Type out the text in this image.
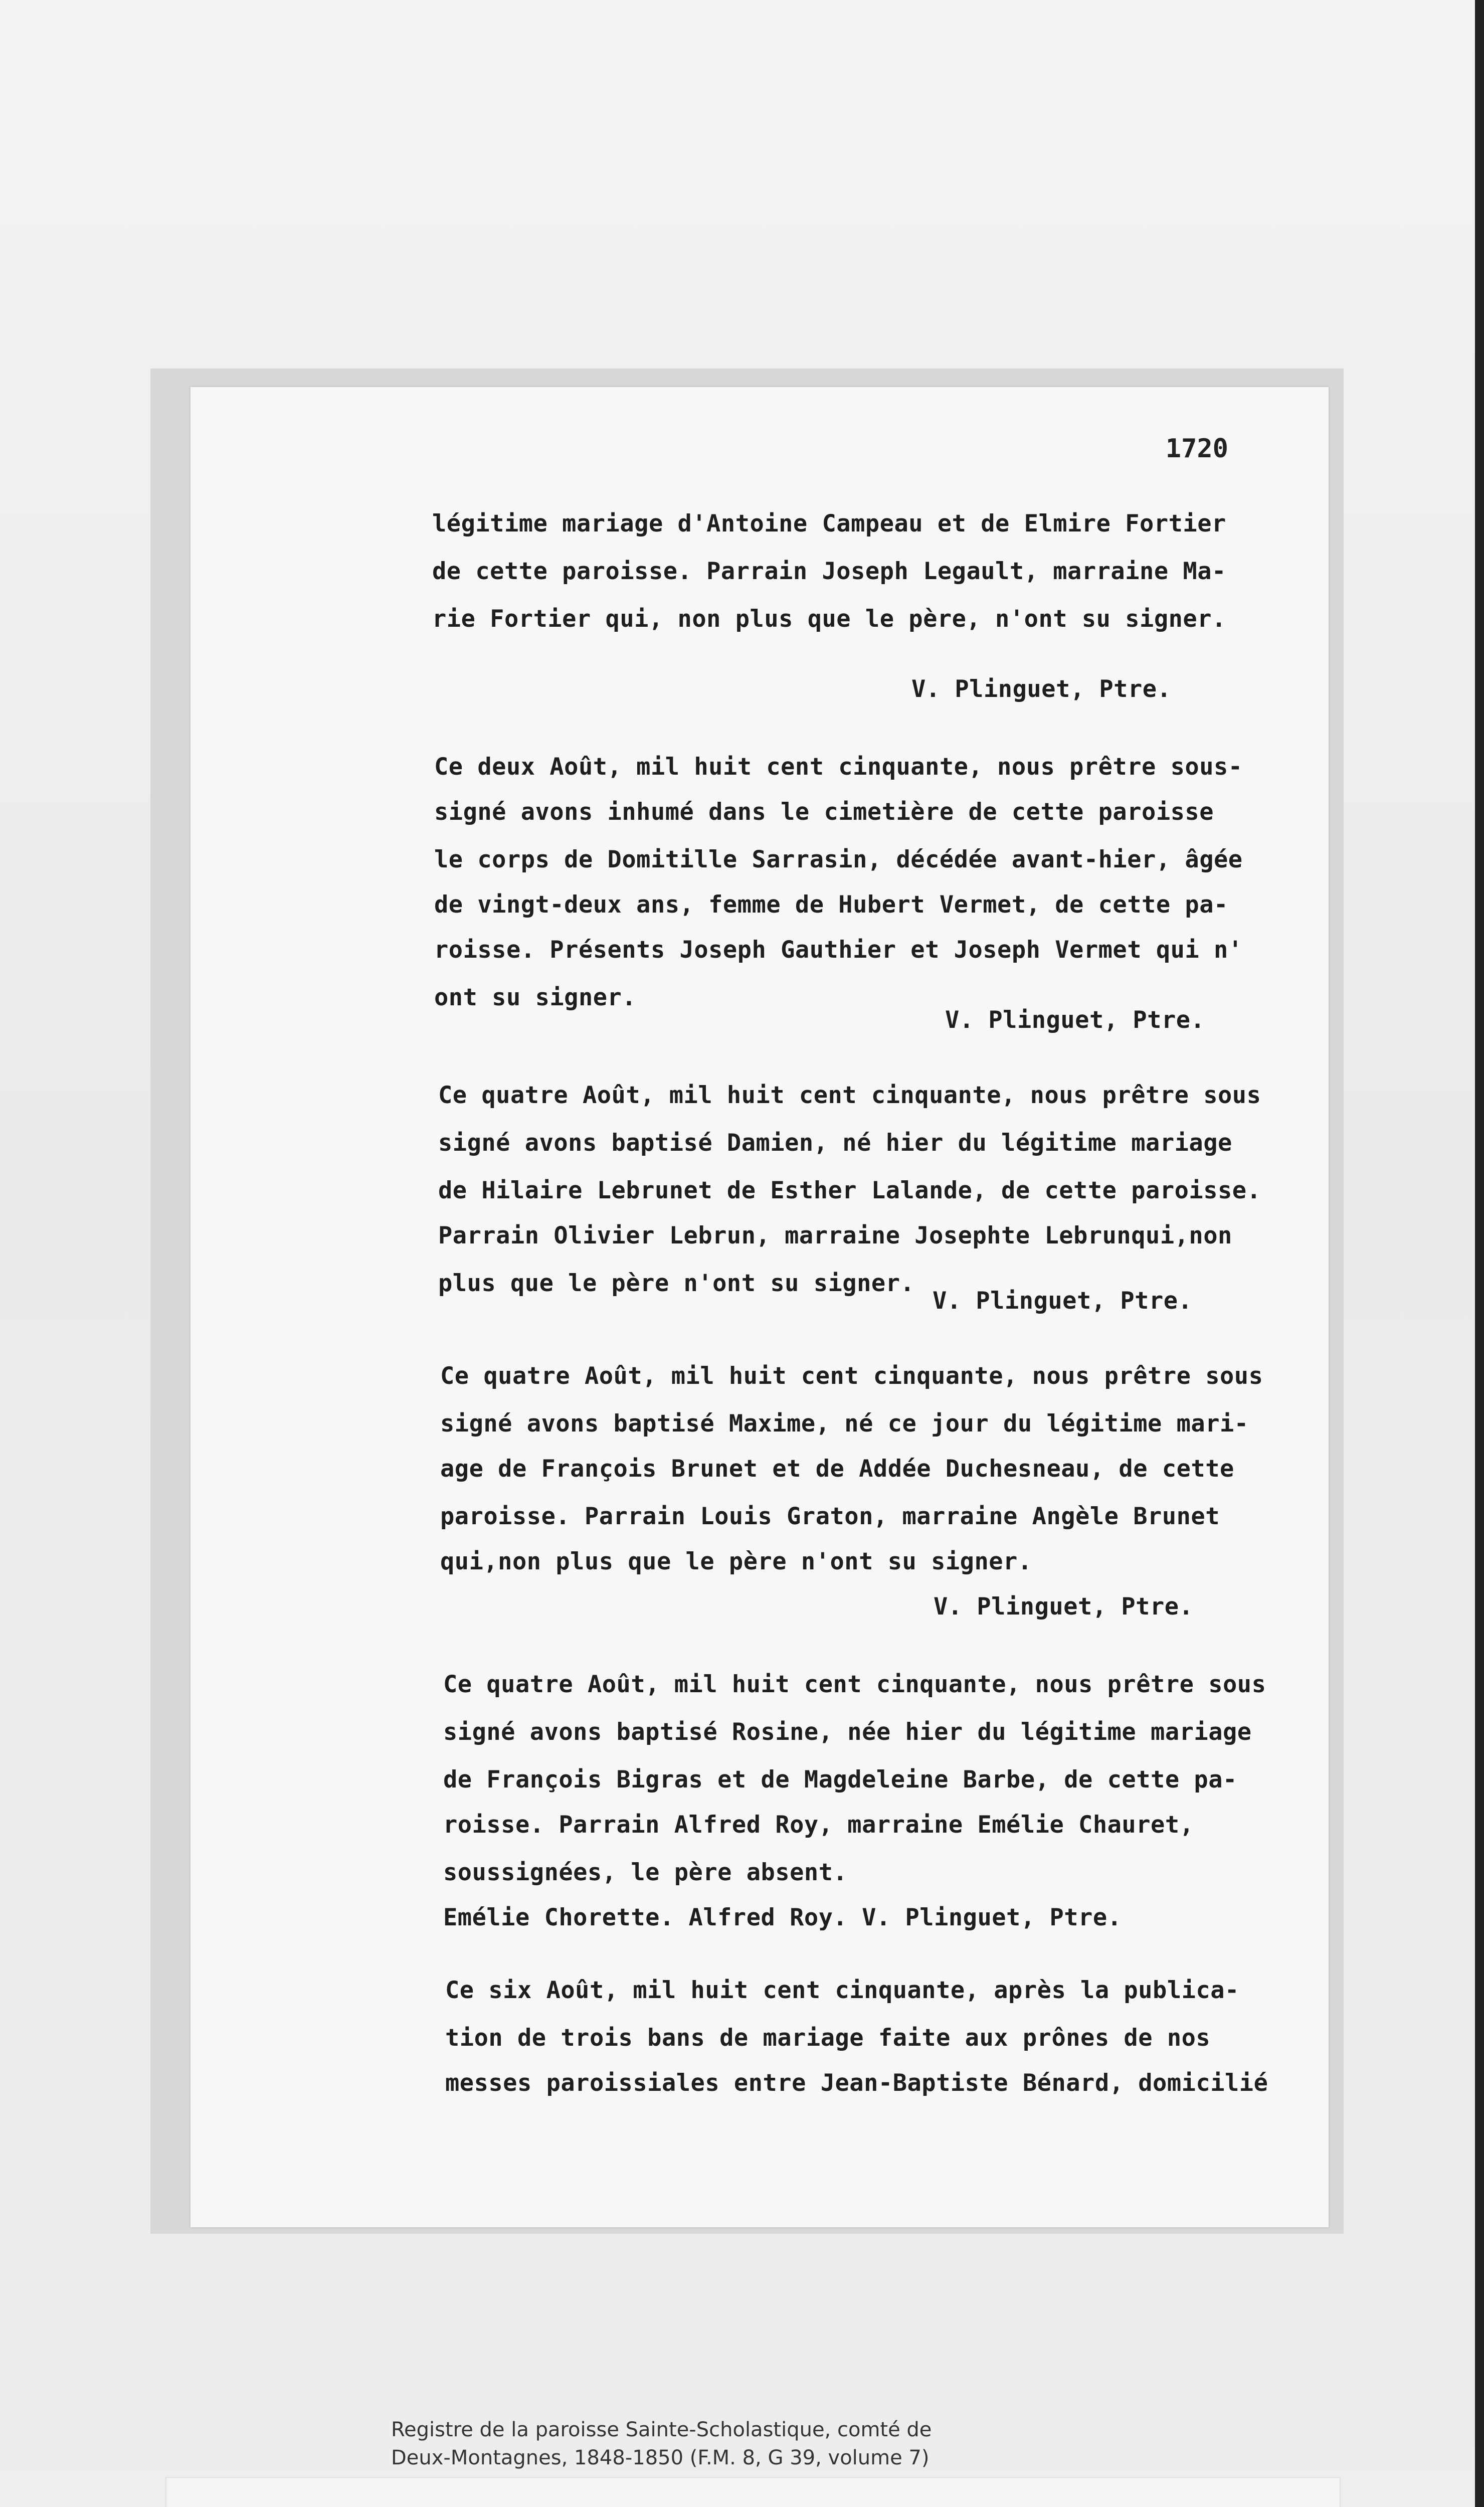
1720
légitime mariage d'Antoine Campeau et de Elmire Fortier
de cette paroisse. Parrain Joseph Legault, marraine Ma-
rie Fortier qui, non plus que le père, n'ont su signer.
V. Plinguet, Ptre.
Ce deux Août, mil huit cent cinquante, nous prêtre sous-
signé avons inhumé dans le cimetière de cette paroisse
le corps de Domitille Sarrasin, décédée avant-hier, âgée
de vingt-deux ans, femme de Hubert Vermet, de cette pa-
roisse. Présents Joseph Gauthier et Joseph Vermet qui n'
ont su signer.
V. Plinguet, Ptre.
Ce quatre Août, mil huit cent cinquante, nous prêtre sous
signé avons baptisé Damien, né hier du légitime mariage
de Hilaire Lebrunet de Esther Lalande, de cette paroisse.
Parrain Olivier Lebrun, marraine Josephte Lebrunqui,non
plus que le père n'ont su signer.
V. Plinguet, Ptre.
Ce quatre Août, mil huit cent cinquante, nous prêtre sous
signé avons baptisé Maxime, né ce jour du légitime mari-
age de François Brunet et de Addée Duchesneau, de cette
paroisse. Parrain Louis Graton, marraine Angèle Brunet
qui,non plus que le père n'ont su signer.
V. Plinguet, Ptre.
Ce quatre Août, mil huit cent cinquante, nous prêtre sous
signé avons baptisé Rosine, née hier du légitime mariage
de François Bigras et de Magdeleine Barbe, de cette pa-
roisse. Parrain Alfred Roy, marraine Emélie Chauret,
soussignées, le père absent.
Emélie Chorette. Alfred Roy. V. Plinguet, Ptre.
Ce six Août, mil huit cent cinquante, après la publica-
tion de trois bans de mariage faite aux prônes de nos
messes paroissiales entre Jean-Baptiste Bénard, domicilié
Registre de la paroisse Sainte-Scholastique, comté de
Deux-Montagnes, 1848-1850 (F.M. 8, G 39, volume 7)
